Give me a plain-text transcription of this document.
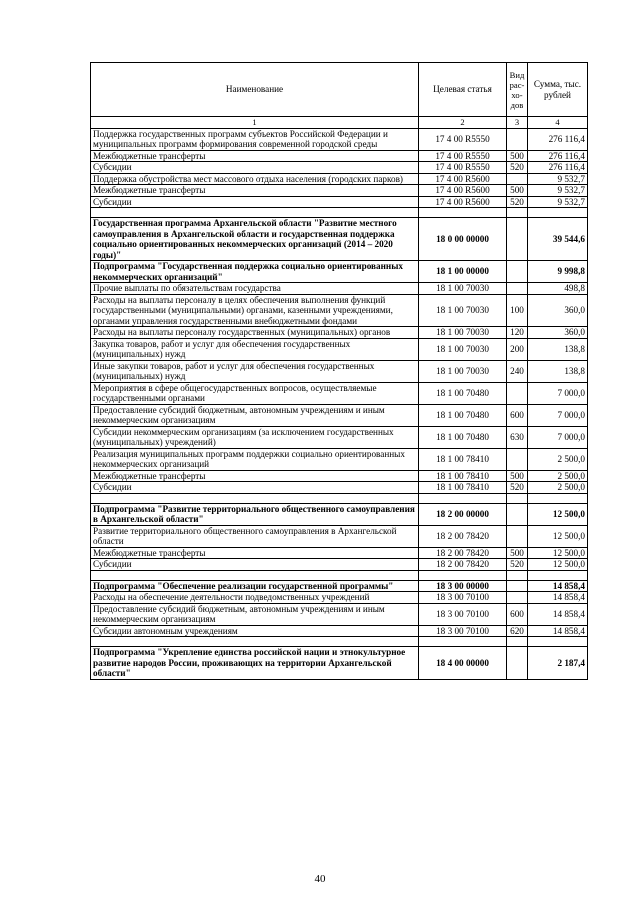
Наименование	Целевая статья	Вид рас-хо-дов	Сумма, тыс. рублей
1	2	3	4
Поддержка государственных программ субъектов Российской Федерации и муниципальных программ формирования современной городской среды	17 4 00 R5550		276 116,4
Межбюджетные трансферты	17 4 00 R5550	500	276 116,4
Субсидии	17 4 00 R5550	520	276 116,4
Поддержка обустройства мест массового отдыха населения (городских парков)	17 4 00 R5600		9 532,7
Межбюджетные трансферты	17 4 00 R5600	500	9 532,7
Субсидии	17 4 00 R5600	520	9 532,7

Государственная программа Архангельской области "Развитие местного самоуправления в Архангельской области и государственная поддержка социально ориентированных некоммерческих организаций (2014 – 2020 годы)"	18 0 00 00000		39 544,6
Подпрограмма "Государственная поддержка социально ориентированных некоммерческих организаций"	18 1 00 00000		9 998,8
Прочие выплаты по обязательствам государства	18 1 00 70030		498,8
Расходы на выплаты персоналу в целях обеспечения выполнения функций государственными (муниципальными) органами, казенными учреждениями, органами управления государственными внебюджетными фондами	18 1 00 70030	100	360,0
Расходы на выплаты персоналу государственных (муниципальных) органов	18 1 00 70030	120	360,0
Закупка товаров, работ и услуг для обеспечения государственных (муниципальных) нужд	18 1 00 70030	200	138,8
Иные закупки товаров, работ и услуг для обеспечения государственных (муниципальных) нужд	18 1 00 70030	240	138,8
Мероприятия в сфере общегосударственных вопросов, осуществляемые государственными органами	18 1 00 70480		7 000,0
Предоставление субсидий бюджетным, автономным учреждениям и иным некоммерческим организациям	18 1 00 70480	600	7 000,0
Субсидии некоммерческим организациям (за исключением государственных (муниципальных) учреждений)	18 1 00 70480	630	7 000,0
Реализация муниципальных программ поддержки социально ориентированных некоммерческих организаций	18 1 00 78410		2 500,0
Межбюджетные трансферты	18 1 00 78410	500	2 500,0
Субсидии	18 1 00 78410	520	2 500,0

Подпрограмма "Развитие территориального общественного самоуправления в Архангельской области"	18 2 00 00000		12 500,0
Развитие территориального общественного самоуправления в Архангельской области	18 2 00 78420		12 500,0
Межбюджетные трансферты	18 2 00 78420	500	12 500,0
Субсидии	18 2 00 78420	520	12 500,0

Подпрограмма "Обеспечение реализации государственной программы"	18 3 00 00000		14 858,4
Расходы на обеспечение деятельности подведомственных учреждений	18 3 00 70100		14 858,4
Предоставление субсидий бюджетным, автономным учреждениям и иным некоммерческим организациям	18 3 00 70100	600	14 858,4
Субсидии автономным учреждениям	18 3 00 70100	620	14 858,4

Подпрограмма "Укрепление единства российской нации и этнокультурное развитие народов России, проживающих на территории Архангельской области"	18 4 00 00000		2 187,4
40
